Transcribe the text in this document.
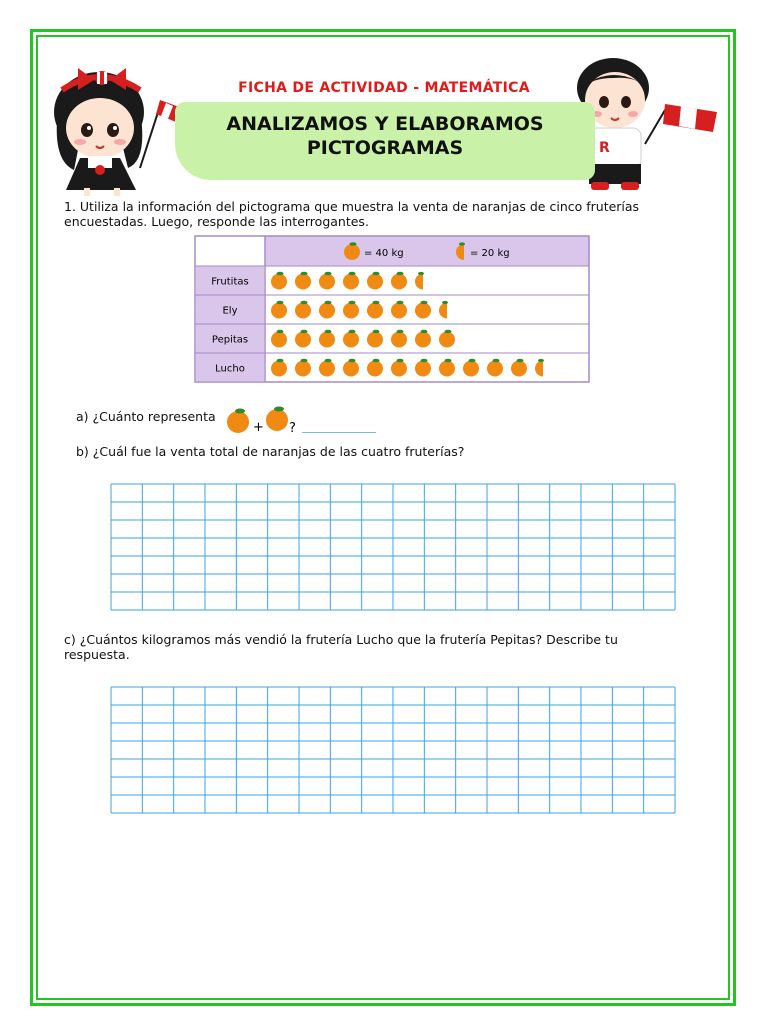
R
FICHA DE ACTIVIDAD - MATEMÁTICA
ANALIZAMOS Y ELABORAMOS
PICTOGRAMAS
1. Utiliza la información del pictograma que muestra la venta de naranjas de cinco fruterías encuestadas. Luego, responde las interrogantes.
= 40 kg	= 20 kg
Frutitas
Ely
Pepitas
Lucho
a) ¿Cuánto representa
+ ?
b) ¿Cuál fue la venta total de naranjas de las cuatro fruterías?
c) ¿Cuántos kilogramos más vendió la frutería Lucho que la frutería Pepitas? Describe tu respuesta.
